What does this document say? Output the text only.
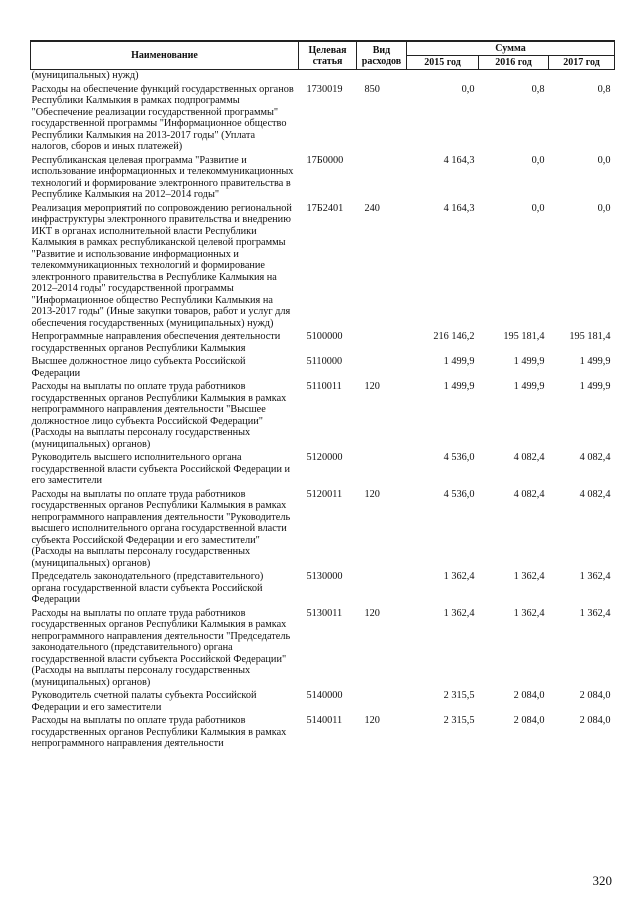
Наименование	Целевая статья	Вид расходов	Сумма		
			2015 год	2016 год	2017 год
(муниципальных) нужд)					
Расходы на обеспечение функций государственных органов Республики Калмыкия в рамках подпрограммы "Обеспечение реализации государственной программы" государственной программы "Информационное общество Республики Калмыкия на 2013-2017 годы" (Уплата налогов, сборов и иных платежей)	1730019	850	0,0	0,8	0,8
Республиканская целевая программа "Развитие и использование информационных и телекоммуникационных технологий и формирование электронного правительства в Республике Калмыкия на 2012–2014 годы"	17Б0000		4 164,3	0,0	0,0
Реализация мероприятий по сопровождению региональной инфраструктуры электронного правительства и внедрению ИКТ в органах исполнительной власти Республики Калмыкия в рамках республиканской целевой программы "Развитие и использование информационных и телекоммуникационных технологий и формирование электронного правительства в Республике Калмыкия на 2012–2014 годы" государственной программы "Информационное общество Республики Калмыкия на 2013-2017 годы" (Иные закупки товаров, работ и услуг для обеспечения государственных (муниципальных) нужд)	17Б2401	240	4 164,3	0,0	0,0
Непрограммные направления обеспечения деятельности государственных органов Республики Калмыкия	5100000		216 146,2	195 181,4	195 181,4
Высшее должностное лицо субъекта Российской Федерации	5110000		1 499,9	1 499,9	1 499,9
Расходы на выплаты по оплате труда работников государственных органов Республики Калмыкия в рамках непрограммного направления деятельности "Высшее должностное лицо субъекта Российской Федерации"(Расходы на выплаты персоналу государственных (муниципальных) органов)	5110011	120	1 499,9	1 499,9	1 499,9
Руководитель высшего исполнительного органа государственной власти субъекта Российской Федерации и его заместители	5120000		4 536,0	4 082,4	4 082,4
Расходы на выплаты по оплате труда работников государственных органов Республики Калмыкия в рамках непрограммного направления деятельности "Руководитель высшего исполнительного органа государственной власти субъекта Российской Федерации и его заместители" (Расходы на выплаты персоналу государственных (муниципальных) органов)	5120011	120	4 536,0	4 082,4	4 082,4
Председатель законодательного (представительного) органа государственной власти субъекта Российской Федерации	5130000		1 362,4	1 362,4	1 362,4
Расходы на выплаты по оплате труда работников государственных органов Республики Калмыкия в рамках непрограммного направления деятельности "Председатель законодательного (представительного) органа государственной власти субъекта Российской Федерации" (Расходы на выплаты персоналу государственных (муниципальных) органов)	5130011	120	1 362,4	1 362,4	1 362,4
Руководитель счетной палаты субъекта Российской Федерации и его заместители	5140000		2 315,5	2 084,0	2 084,0
Расходы на выплаты по оплате труда работников государственных органов Республики Калмыкия в рамках непрограммного направления деятельности	5140011	120	2 315,5	2 084,0	2 084,0
320
